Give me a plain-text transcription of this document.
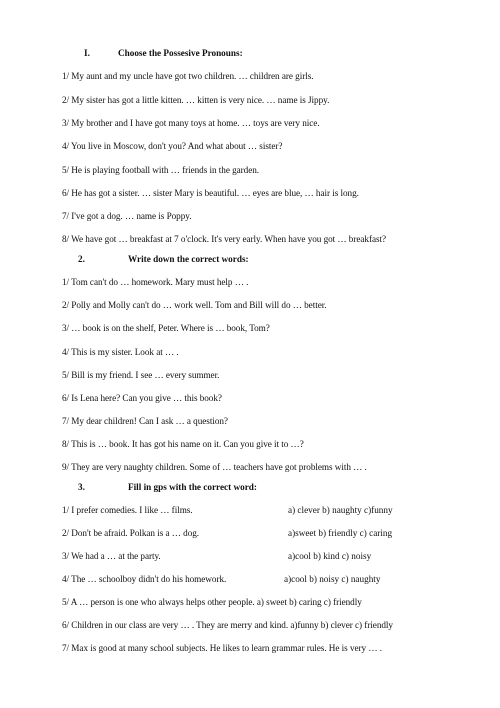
I.	Choose the Possesive Pronouns:
1/ My aunt and my uncle have got two children. … children are girls.
2/ My sister has got a little kitten. … kitten is very nice. … name is Jippy.
3/ My brother and I have got many toys at home. … toys are very nice.
4/ You live in Moscow, don't you? And what about … sister?
5/ He is playing football with … friends in the garden.
6/ He has got a sister. … sister Mary is beautiful. … eyes are blue, … hair is long.
7/ I've got a dog. … name is Poppy.
8/ We have got … breakfast at 7 o'clock. It's very early. When have you got … breakfast?
2.	Write down the correct words:
1/ Tom can't do … homework. Mary must help … .
2/ Polly and Molly can't do … work well. Tom and Bill will do … better.
3/ … book is on the shelf, Peter. Where is … book, Tom?
4/ This is my sister. Look at … .
5/ Bill is my friend. I see … every summer.
6/ Is Lena here? Can you give … this book?
7/ My dear children! Can I ask … a question?
8/ This is … book. It has got his name on it. Can you give it to …?
9/ They are very naughty children. Some of … teachers have got problems with … .
3.	Fill in gps with the correct word:
1/ I prefer comedies. I like … films.	a) clever b) naughty c)funny
2/ Don't be afraid. Polkan is a … dog.	a)sweet b) friendly c) caring
3/ We had a … at the party.	a)cool b) kind c) noisy
4/ The … schoolboy didn't do his homework.	a)cool b) noisy c) naughty
5/ A … person is one who always helps other people. a) sweet b) caring c) friendly
6/ Children in our class are very … . They are merry and kind. a)funny b) clever c) friendly
7/ Max is good at many school subjects. He likes to learn grammar rules. He is very … .
